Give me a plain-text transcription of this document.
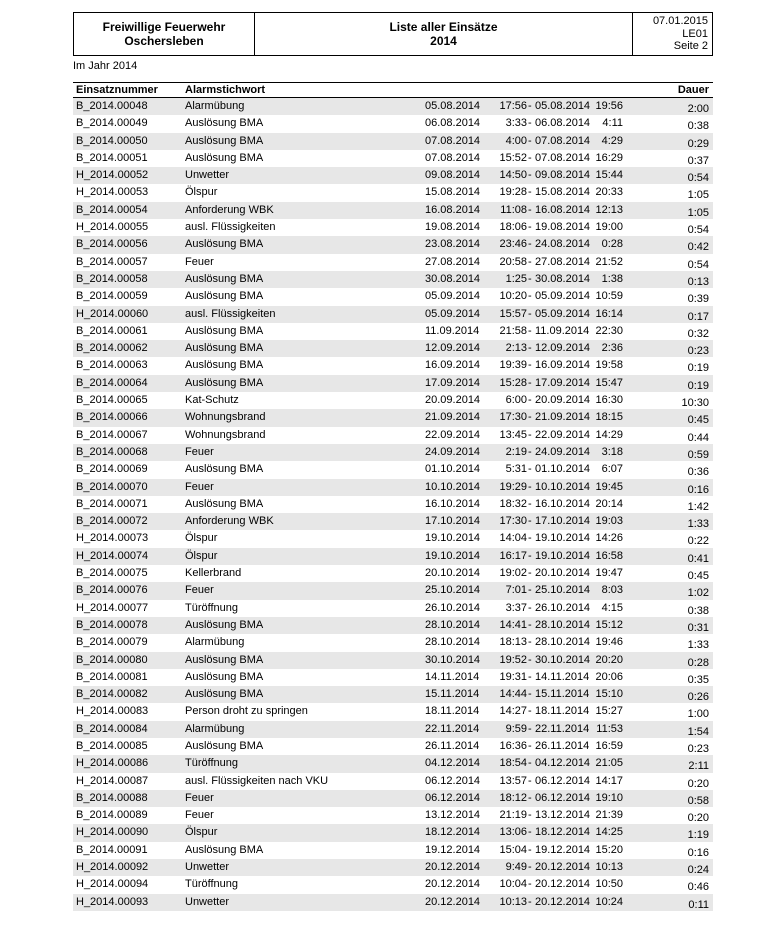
Freiwillige Feuerwehr
Oschersleben
Liste aller Einsätze
2014
07.01.2015
LE01
Seite 2
Im Jahr 2014
Einsatznummer Alarmstichwort	Dauer
B_2014.00048	Alarmübung	05.08.2014	17:56 - 05.08.2014 19:56	2:00
B_2014.00049	Auslösung BMA	06.08.2014	3:33 - 06.08.2014	4:11	0:38
B_2014.00050	Auslösung BMA	07.08.2014	4:00 - 07.08.2014	4:29	0:29
B_2014.00051	Auslösung BMA	07.08.2014	15:52 - 07.08.2014 16:29	0:37
H_2014.00052	Unwetter	09.08.2014	14:50 - 09.08.2014 15:44	0:54
H_2014.00053	Ölspur	15.08.2014	19:28 - 15.08.2014 20:33	1:05
B_2014.00054	Anforderung WBK	16.08.2014	11:08 - 16.08.2014 12:13	1:05
H_2014.00055	ausl. Flüssigkeiten	19.08.2014	18:06 - 19.08.2014 19:00	0:54
B_2014.00056	Auslösung BMA	23.08.2014	23:46 - 24.08.2014	0:28	0:42
B_2014.00057	Feuer	27.08.2014	20:58 - 27.08.2014 21:52	0:54
B_2014.00058	Auslösung BMA	30.08.2014	1:25 - 30.08.2014	1:38	0:13
B_2014.00059	Auslösung BMA	05.09.2014	10:20 - 05.09.2014 10:59	0:39
H_2014.00060	ausl. Flüssigkeiten	05.09.2014	15:57 - 05.09.2014 16:14	0:17
B_2014.00061	Auslösung BMA	11.09.2014	21:58 - 11.09.2014 22:30	0:32
B_2014.00062	Auslösung BMA	12.09.2014	2:13 - 12.09.2014	2:36	0:23
B_2014.00063	Auslösung BMA	16.09.2014	19:39 - 16.09.2014 19:58	0:19
B_2014.00064	Auslösung BMA	17.09.2014	15:28 - 17.09.2014 15:47	0:19
B_2014.00065	Kat-Schutz	20.09.2014	6:00 - 20.09.2014 16:30	10:30
B_2014.00066	Wohnungsbrand	21.09.2014	17:30 - 21.09.2014 18:15	0:45
B_2014.00067	Wohnungsbrand	22.09.2014	13:45 - 22.09.2014 14:29	0:44
B_2014.00068	Feuer	24.09.2014	2:19 - 24.09.2014	3:18	0:59
B_2014.00069	Auslösung BMA	01.10.2014	5:31 - 01.10.2014	6:07	0:36
B_2014.00070	Feuer	10.10.2014	19:29 - 10.10.2014 19:45	0:16
B_2014.00071	Auslösung BMA	16.10.2014	18:32 - 16.10.2014 20:14	1:42
B_2014.00072	Anforderung WBK	17.10.2014	17:30 - 17.10.2014 19:03	1:33
H_2014.00073	Ölspur	19.10.2014	14:04 - 19.10.2014 14:26	0:22
H_2014.00074	Ölspur	19.10.2014	16:17 - 19.10.2014 16:58	0:41
B_2014.00075	Kellerbrand	20.10.2014	19:02 - 20.10.2014 19:47	0:45
B_2014.00076	Feuer	25.10.2014	7:01 - 25.10.2014	8:03	1:02
H_2014.00077	Türöffnung	26.10.2014	3:37 - 26.10.2014	4:15	0:38
B_2014.00078	Auslösung BMA	28.10.2014	14:41 - 28.10.2014 15:12	0:31
B_2014.00079	Alarmübung	28.10.2014	18:13 - 28.10.2014 19:46	1:33
B_2014.00080	Auslösung BMA	30.10.2014	19:52 - 30.10.2014 20:20	0:28
B_2014.00081	Auslösung BMA	14.11.2014	19:31 - 14.11.2014 20:06	0:35
B_2014.00082	Auslösung BMA	15.11.2014	14:44 - 15.11.2014 15:10	0:26
H_2014.00083	Person droht zu springen	18.11.2014	14:27 - 18.11.2014 15:27	1:00
B_2014.00084	Alarmübung	22.11.2014	9:59 - 22.11.2014 11:53	1:54
B_2014.00085	Auslösung BMA	26.11.2014	16:36 - 26.11.2014 16:59	0:23
H_2014.00086	Türöffnung	04.12.2014	18:54 - 04.12.2014 21:05	2:11
H_2014.00087	ausl. Flüssigkeiten nach VKU	06.12.2014	13:57 - 06.12.2014 14:17	0:20
B_2014.00088	Feuer	06.12.2014	18:12 - 06.12.2014 19:10	0:58
B_2014.00089	Feuer	13.12.2014	21:19 - 13.12.2014 21:39	0:20
H_2014.00090	Ölspur	18.12.2014	13:06 - 18.12.2014 14:25	1:19
B_2014.00091	Auslösung BMA	19.12.2014	15:04 - 19.12.2014 15:20	0:16
H_2014.00092	Unwetter	20.12.2014	9:49 - 20.12.2014 10:13	0:24
H_2014.00094	Türöffnung	20.12.2014	10:04 - 20.12.2014 10:50	0:46
H_2014.00093	Unwetter	20.12.2014	10:13 - 20.12.2014 10:24	0:11
